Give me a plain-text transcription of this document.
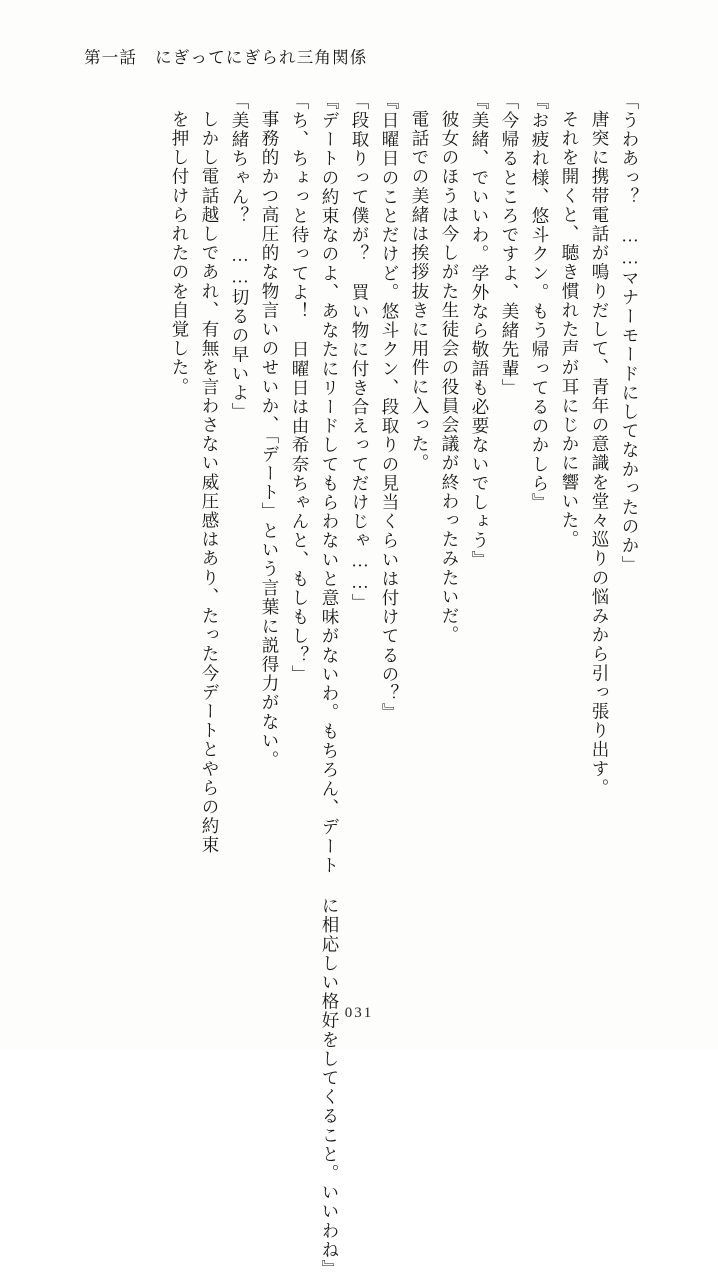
第一話 にぎってにぎられ三角関係
「うわあっ？　……マナーモードにしてなかったのか」
唐突に携帯電話が鳴りだして、青年の意識を堂々巡りの悩みから引っ張り出す。
それを開くと、聴き慣れた声が耳にじかに響いた。
『お疲れ様、悠斗クン。もう帰ってるのかしら』
「今帰るところですよ、美緒先輩」
『美緒、でいいわ。学外なら敬語も必要ないでしょう』
彼女のほうは今しがた生徒会の役員会議が終わったみたいだ。
電話での美緒は挨拶抜きに用件に入った。
『日曜日のことだけど。悠斗クン、段取りの見当くらいは付けてるの？』
「段取りって僕が？　買い物に付き合えってだけじゃ……」
『デートの約束なのよ、あなたにリードしてもらわないと意味がないわ。もちろん、デート に相応しい格好をしてくること。いいわね』
「ち、ちょっと待ってよ！　日曜日は由希奈ちゃんと、もしもし？」
事務的かつ高圧的な物言いのせいか、「デート」という言葉に説得力がない。
「美緒ちゃん？　……切るの早いよ」
しかし電話越しであれ、有無を言わさない威圧感はあり、たった今デートとやらの約束
を押し付けられたのを自覚した。
031
